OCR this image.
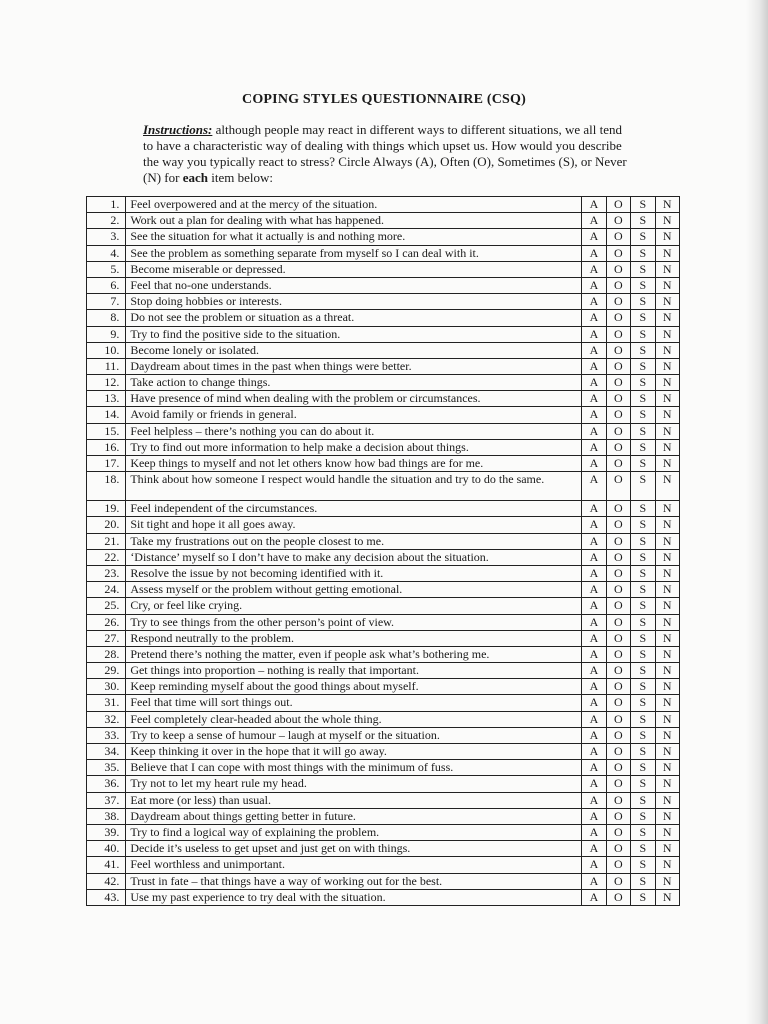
COPING STYLES QUESTIONNAIRE (CSQ)
Instructions: although people may react in different ways to different situations, we all tend to have a characteristic way of dealing with things which upset us. How would you describe the way you typically react to stress? Circle Always (A), Often (O), Sometimes (S), or Never (N) for each item below:
1.	Feel overpowered and at the mercy of the situation.	A	O	S	N
2.	Work out a plan for dealing with what has happened.	A	O	S	N
3.	See the situation for what it actually is and nothing more.	A	O	S	N
4.	See the problem as something separate from myself so I can deal with it.	A	O	S	N
5.	Become miserable or depressed.	A	O	S	N
6.	Feel that no-one understands.	A	O	S	N
7.	Stop doing hobbies or interests.	A	O	S	N
8.	Do not see the problem or situation as a threat.	A	O	S	N
9.	Try to find the positive side to the situation.	A	O	S	N
10.	Become lonely or isolated.	A	O	S	N
11.	Daydream about times in the past when things were better.	A	O	S	N
12.	Take action to change things.	A	O	S	N
13.	Have presence of mind when dealing with the problem or circumstances.	A	O	S	N
14.	Avoid family or friends in general.	A	O	S	N
15.	Feel helpless – there’s nothing you can do about it.	A	O	S	N
16.	Try to find out more information to help make a decision about things.	A	O	S	N
17.	Keep things to myself and not let others know how bad things are for me.	A	O	S	N
18.	Think about how someone I respect would handle the situation and try to do the same.	A	O	S	N
19.	Feel independent of the circumstances.	A	O	S	N
20.	Sit tight and hope it all goes away.	A	O	S	N
21.	Take my frustrations out on the people closest to me.	A	O	S	N
22.	‘Distance’ myself so I don’t have to make any decision about the situation.	A	O	S	N
23.	Resolve the issue by not becoming identified with it.	A	O	S	N
24.	Assess myself or the problem without getting emotional.	A	O	S	N
25.	Cry, or feel like crying.	A	O	S	N
26.	Try to see things from the other person’s point of view.	A	O	S	N
27.	Respond neutrally to the problem.	A	O	S	N
28.	Pretend there’s nothing the matter, even if people ask what’s bothering me.	A	O	S	N
29.	Get things into proportion – nothing is really that important.	A	O	S	N
30.	Keep reminding myself about the good things about myself.	A	O	S	N
31.	Feel that time will sort things out.	A	O	S	N
32.	Feel completely clear-headed about the whole thing.	A	O	S	N
33.	Try to keep a sense of humour – laugh at myself or the situation.	A	O	S	N
34.	Keep thinking it over in the hope that it will go away.	A	O	S	N
35.	Believe that I can cope with most things with the minimum of fuss.	A	O	S	N
36.	Try not to let my heart rule my head.	A	O	S	N
37.	Eat more (or less) than usual.	A	O	S	N
38.	Daydream about things getting better in future.	A	O	S	N
39.	Try to find a logical way of explaining the problem.	A	O	S	N
40.	Decide it’s useless to get upset and just get on with things.	A	O	S	N
41.	Feel worthless and unimportant.	A	O	S	N
42.	Trust in fate – that things have a way of working out for the best.	A	O	S	N
43.	Use my past experience to try deal with the situation.	A	O	S	N
